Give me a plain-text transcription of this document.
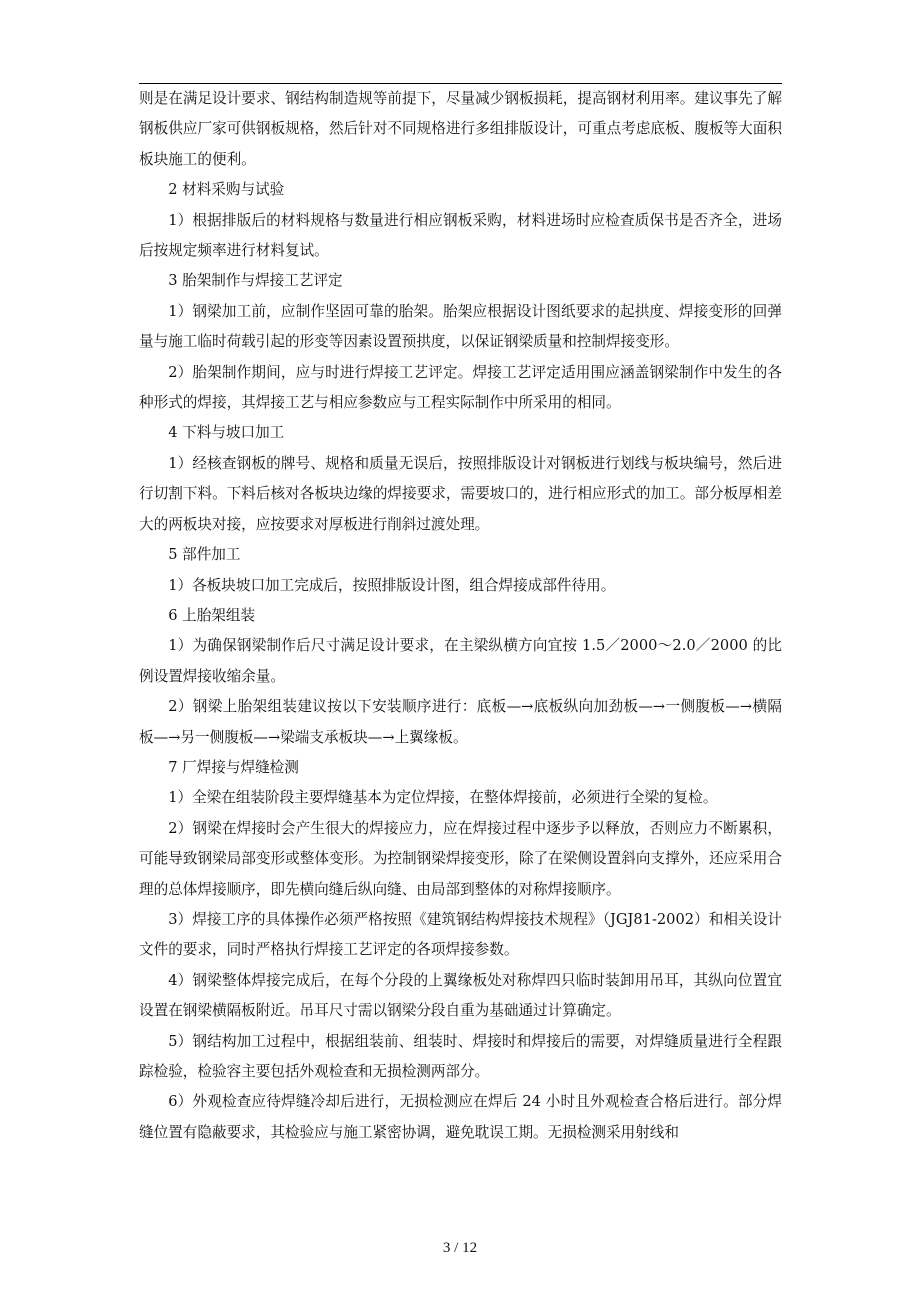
则是在满足设计要求、钢结构制造规等前提下，尽量减少钢板损耗，提高钢材利用率。建议事先了解钢板供应厂家可供钢板规格，然后针对不同规格进行多组排版设计，可重点考虑底板、腹板等大面积板块施工的便利。

2 材料采购与试验

1）根据排版后的材料规格与数量进行相应钢板采购，材料进场时应检查质保书是否齐全，进场后按规定频率进行材料复试。

3 胎架制作与焊接工艺评定

1）钢梁加工前，应制作坚固可靠的胎架。胎架应根据设计图纸要求的起拱度、焊接变形的回弹量与施工临时荷载引起的形变等因素设置预拱度，以保证钢梁质量和控制焊接变形。

2）胎架制作期间，应与时进行焊接工艺评定。焊接工艺评定适用围应涵盖钢梁制作中发生的各种形式的焊接，其焊接工艺与相应参数应与工程实际制作中所采用的相同。

4 下料与坡口加工

1）经核查钢板的牌号、规格和质量无误后，按照排版设计对钢板进行划线与板块编号，然后进行切割下料。下料后核对各板块边缘的焊接要求，需要坡口的，进行相应形式的加工。部分板厚相差大的两板块对接，应按要求对厚板进行削斜过渡处理。

5 部件加工

1）各板块坡口加工完成后，按照排版设计图，组合焊接成部件待用。

6 上胎架组装

1）为确保钢梁制作后尺寸满足设计要求，在主梁纵横方向宜按 1.5／2000～2.0／2000 的比例设置焊接收缩余量。

2）钢梁上胎架组装建议按以下安装顺序进行：底板—→底板纵向加劲板—→一侧腹板—→横隔板—→另一侧腹板—→梁端支承板块—→上翼缘板。

7 厂焊接与焊缝检测

1）全梁在组装阶段主要焊缝基本为定位焊接，在整体焊接前，必须进行全梁的复检。

2）钢梁在焊接时会产生很大的焊接应力，应在焊接过程中逐步予以释放，否则应力不断累积，可能导致钢梁局部变形或整体变形。为控制钢梁焊接变形，除了在梁侧设置斜向支撑外，还应采用合理的总体焊接顺序，即先横向缝后纵向缝、由局部到整体的对称焊接顺序。

3）焊接工序的具体操作必须严格按照《建筑钢结构焊接技术规程》（JGJ81-2002）和相关设计文件的要求，同时严格执行焊接工艺评定的各项焊接参数。

4）钢梁整体焊接完成后，在每个分段的上翼缘板处对称焊四只临时装卸用吊耳，其纵向位置宜设置在钢梁横隔板附近。吊耳尺寸需以钢梁分段自重为基础通过计算确定。

5）钢结构加工过程中，根据组装前、组装时、焊接时和焊接后的需要，对焊缝质量进行全程跟踪检验，检验容主要包括外观检查和无损检测两部分。

6）外观检查应待焊缝冷却后进行，无损检测应在焊后 24 小时且外观检查合格后进行。部分焊缝位置有隐蔽要求，其检验应与施工紧密协调，避免耽误工期。无损检测采用射线和

3 / 12
